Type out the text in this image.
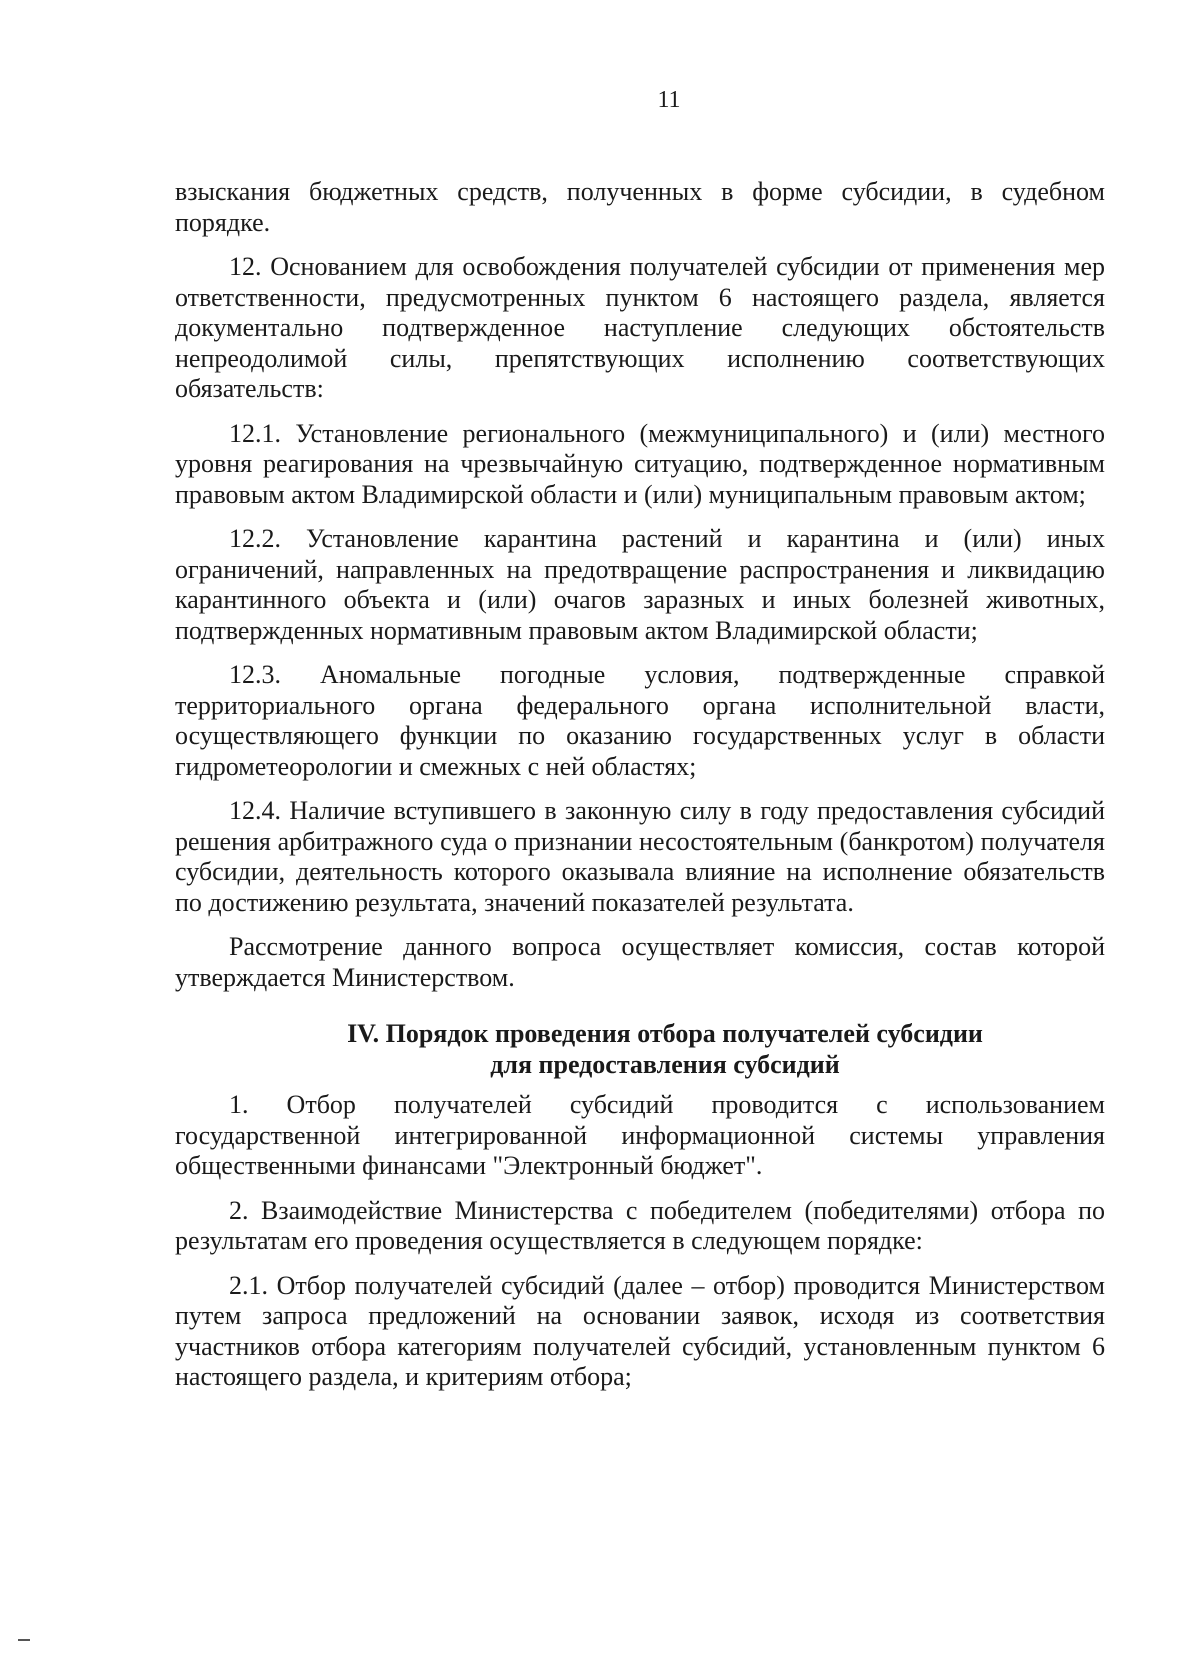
11

взыскания бюджетных средств, полученных в форме субсидии, в судебном порядке.

12. Основанием для освобождения получателей субсидии от применения мер ответственности, предусмотренных пунктом 6 настоящего раздела, является документально подтвержденное наступление следующих обстоятельств непреодолимой силы, препятствующих исполнению соответствующих обязательств:

12.1. Установление регионального (межмуниципального) и (или) местного уровня реагирования на чрезвычайную ситуацию, подтвержденное нормативным правовым актом Владимирской области и (или) муниципальным правовым актом;

12.2. Установление карантина растений и карантина и (или) иных ограничений, направленных на предотвращение распространения и ликвидацию карантинного объекта и (или) очагов заразных и иных болезней животных, подтвержденных нормативным правовым актом Владимирской области;

12.3. Аномальные погодные условия, подтвержденные справкой территориального органа федерального органа исполнительной власти, осуществляющего функции по оказанию государственных услуг в области гидрометеорологии и смежных с ней областях;

12.4. Наличие вступившего в законную силу в году предоставления субсидий решения арбитражного суда о признании несостоятельным (банкротом) получателя субсидии, деятельность которого оказывала влияние на исполнение обязательств по достижению результата, значений показателей результата.

Рассмотрение данного вопроса осуществляет комиссия, состав которой утверждается Министерством.

IV. Порядок проведения отбора получателей субсидии
для предоставления субсидий

1. Отбор получателей субсидий проводится с использованием государственной интегрированной информационной системы управления общественными финансами "Электронный бюджет".

2. Взаимодействие Министерства с победителем (победителями) отбора по результатам его проведения осуществляется в следующем порядке:

2.1. Отбор получателей субсидий (далее – отбор) проводится Министерством путем запроса предложений на основании заявок, исходя из соответствия участников отбора категориям получателей субсидий, установленным пунктом 6 настоящего раздела, и критериям отбора;
